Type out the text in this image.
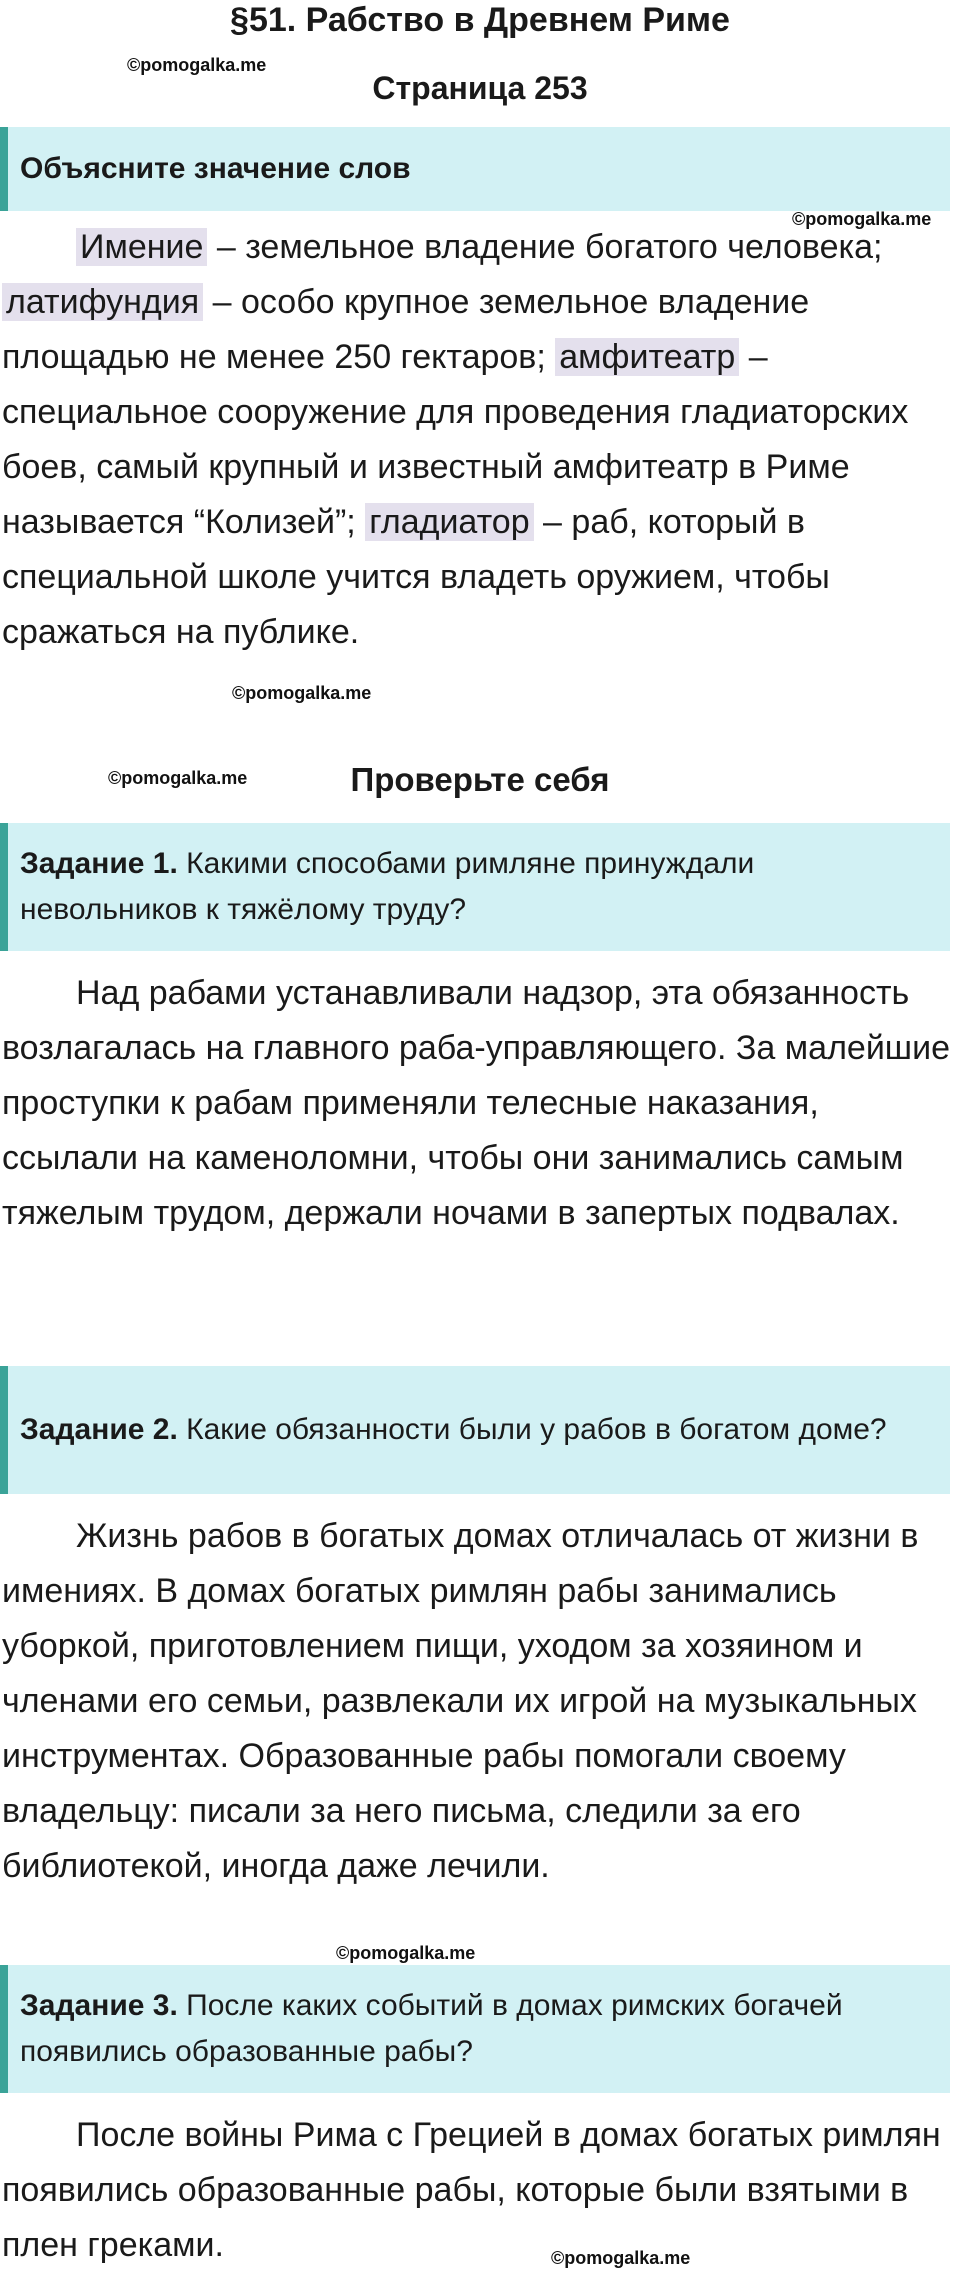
§51. Рабство в Древнем Риме
©pomogalka.me
Страница 253
Объясните значение слов
©pomogalka.me
Имение – земельное владение богатого человека; латифундия – особо крупное земельное владение площадью не менее 250 гектаров; амфитеатр – специальное сооружение для проведения гладиаторских боев, самый крупный и известный амфитеатр в Риме называется “Колизей”; гладиатор – раб, который в специальной школе учится владеть оружием, чтобы сражаться на публике.
©pomogalka.me
©pomogalka.me	Проверьте себя
Задание 1. Какими способами римляне принуждали невольников к тяжёлому труду?
Над рабами устанавливали надзор, эта обязанность возлагалась на главного раба-управляющего. За малейшие проступки к рабам применяли телесные наказания, ссылали на каменоломни, чтобы они занимались самым тяжелым трудом, держали ночами в запертых подвалах.
Задание 2. Какие обязанности были у рабов в богатом доме?
Жизнь рабов в богатых домах отличалась от жизни в имениях. В домах богатых римлян рабы занимались уборкой, приготовлением пищи, уходом за хозяином и членами его семьи, развлекали их игрой на музыкальных инструментах. Образованные рабы помогали своему владельцу: писали за него письма, следили за его библиотекой, иногда даже лечили.
©pomogalka.me
Задание 3. После каких событий в домах римских богачей появились образованные рабы?
После войны Рима с Грецией в домах богатых римлян появились образованные рабы, которые были взятыми в плен греками.	©pomogalka.me
